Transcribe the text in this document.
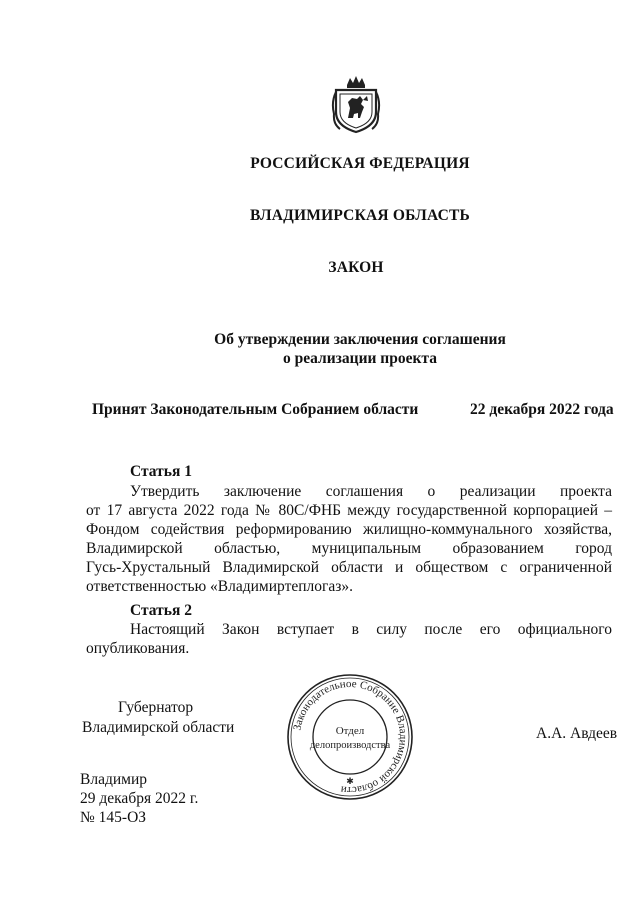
РОССИЙСКАЯ ФЕДЕРАЦИЯ
ВЛАДИМИРСКАЯ ОБЛАСТЬ
ЗАКОН
Об утверждении заключения соглашения
о реализации проекта
Принят Законодательным Собранием области	22 декабря 2022 года
Статья 1
Утвердить заключение соглашения о реализации проекта
от 17 августа 2022 года № 80С/ФНБ между государственной корпорацией –
Фондом содействия реформированию жилищно-коммунального хозяйства,
Владимирской областью, муниципальным образованием город
Гусь-Хрустальный Владимирской области и обществом с ограниченной
ответственностью «Владимиртеплогаз».
Статья 2
Настоящий Закон вступает в силу после его официального
опубликования.
Губернатор
Владимирской области	А.А. Авдеев
Законодательное Собрание Владимирской области
✱
Отдел
делопроизводства
Владимир
29 декабря 2022 г.
№ 145-ОЗ
